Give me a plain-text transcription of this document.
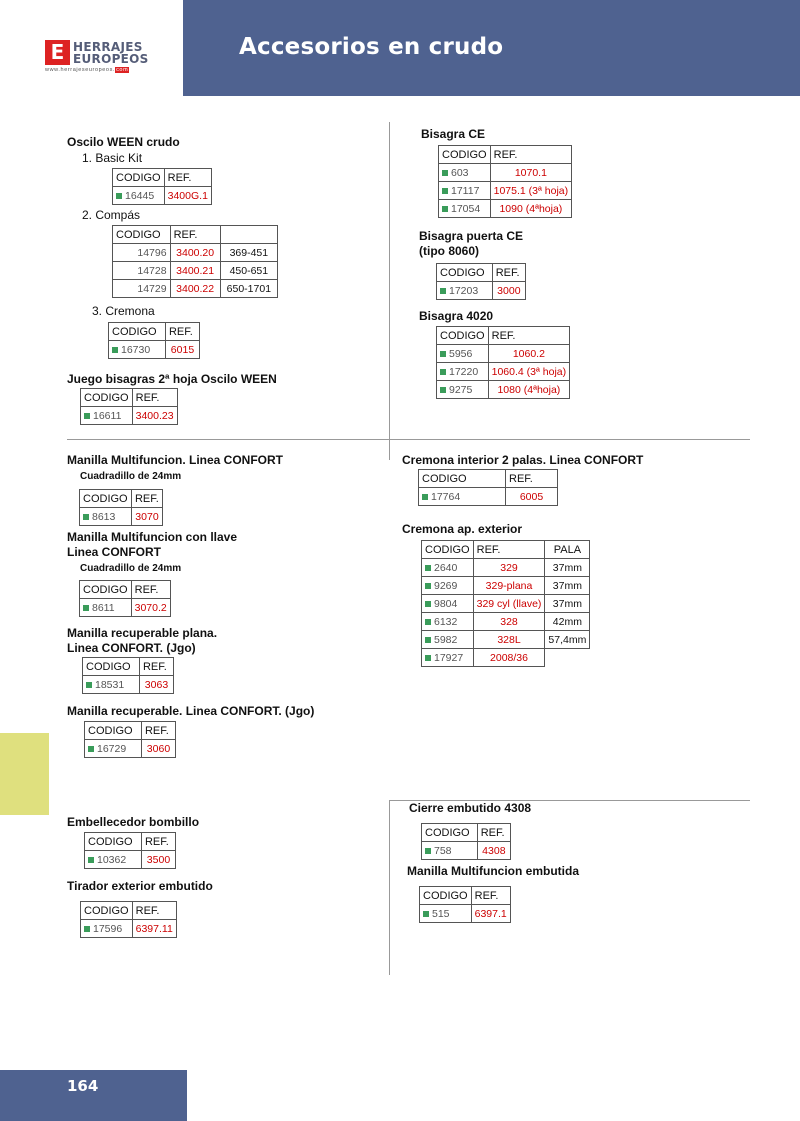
Accesorios en crudo
E HERRAJES
EUROPEOS
www.herrajeseuropeos.com
Oscilo WEEN crudo
1. Basic Kit
CODIGO	REF.
16445	3400G.1
2. Compás
CODIGO	REF.	
14796	3400.20	369-451
14728	3400.21	450-651
14729	3400.22	650-1701
3. Cremona
CODIGO	REF.
16730	6015
Juego bisagras 2ª hoja Oscilo WEEN
CODIGO	REF.
16611	3400.23
Bisagra CE
CODIGO	REF.
603	1070.1
17117	1075.1 (3ª hoja)
17054	1090 (4ªhoja)
Bisagra puerta CE
(tipo 8060)
CODIGO	REF.
17203	3000
Bisagra 4020
CODIGO	REF.
5956	1060.2
17220	1060.4 (3ª hoja)
9275	1080 (4ªhoja)
Manilla Multifuncion. Linea CONFORT
Cuadradillo de 24mm
CODIGO	REF.
8613	3070
Manilla Multifuncion con llave
Linea CONFORT
Cuadradillo de 24mm
CODIGO	REF.
8611	3070.2
Manilla recuperable plana.
Linea CONFORT. (Jgo)
CODIGO	REF.
18531	3063
Manilla recuperable. Linea CONFORT. (Jgo)
CODIGO	REF.
16729	3060
Cremona interior 2 palas. Linea CONFORT
CODIGO	REF.
17764	6005
Cremona ap. exterior
CODIGO	REF.	PALA
2640	329	37mm
9269	329-plana	37mm
9804	329 cyl (llave)	37mm
6132	328	42mm
5982	328L	57,4mm
17927	2008/36	
Embellecedor bombillo
CODIGO	REF.
10362	3500
Tirador exterior embutido
CODIGO	REF.
17596	6397.11
Cierre embutido 4308
CODIGO	REF.
758	4308
Manilla Multifuncion embutida
CODIGO	REF.
515	6397.1
164
